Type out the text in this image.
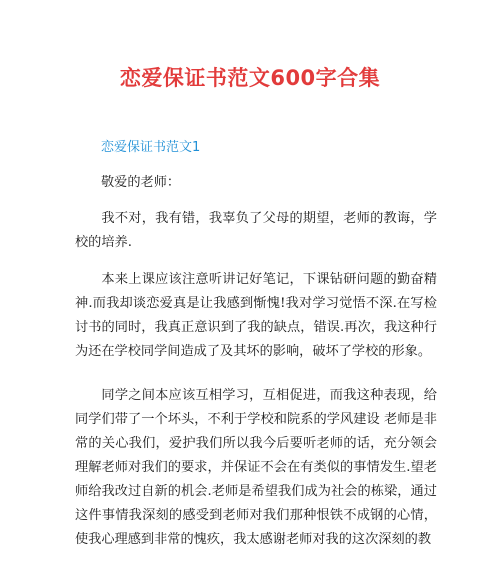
恋爱保证书范文600字合集
恋爱保证书范文1

敬爱的老师：

我不对，我有错，我辜负了父母的期望，老师的教诲，学校的培养.

本来上课应该注意听讲记好笔记，下课钻研问题的勤奋精神.而我却谈恋爱真是让我感到惭愧!我对学习觉悟不深.在写检讨书的同时，我真正意识到了我的缺点，错误.再次，我这种行为还在学校同学间造成了及其坏的影响，破坏了学校的形象。

同学之间本应该互相学习，互相促进，而我这种表现，给同学们带了一个坏头，不利于学校和院系的学风建设 老师是非常的关心我们，爱护我们所以我今后要听老师的话，充分领会理解老师对我们的要求，并保证不会在有类似的事情发生.望老师给我改过自新的机会.老师是希望我们成为社会的栋梁，通过这件事情我深刻的感受到老师对我们那种恨铁不成钢的心情，使我心理感到非常的愧疚，我太感谢老师对我的这次深刻的教
